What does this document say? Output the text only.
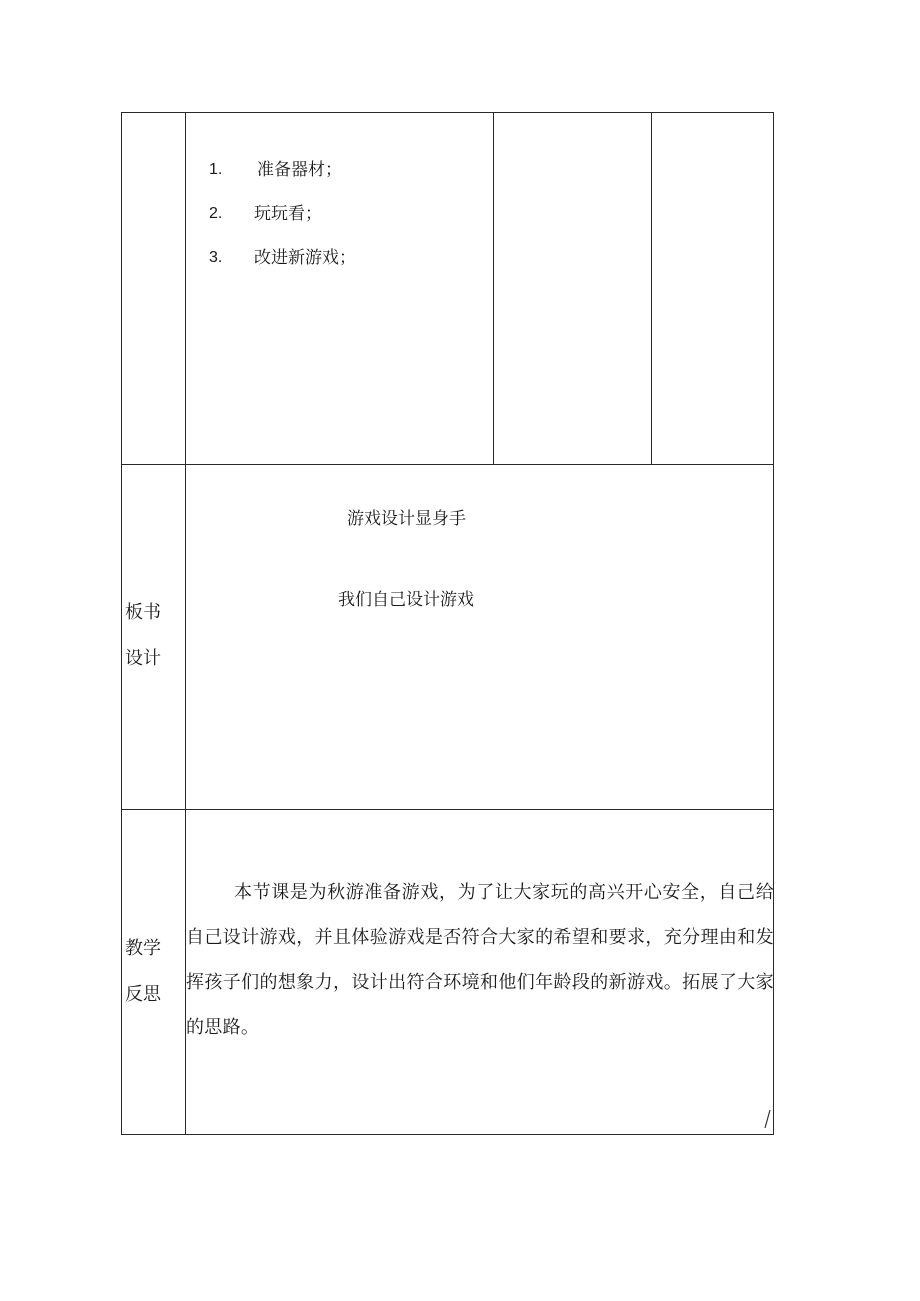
1. 准备器材；
2. 玩玩看；
3. 改进新游戏；
板书
设计
游戏设计显身手
我们自己设计游戏
教学
反思
本节课是为秋游准备游戏，为了让大家玩的高兴开心安全，自己给自己设计游戏，并且体验游戏是否符合大家的希望和要求，充分理由和发挥孩子们的想象力，设计出符合环境和他们年龄段的新游戏。拓展了大家的思路。
